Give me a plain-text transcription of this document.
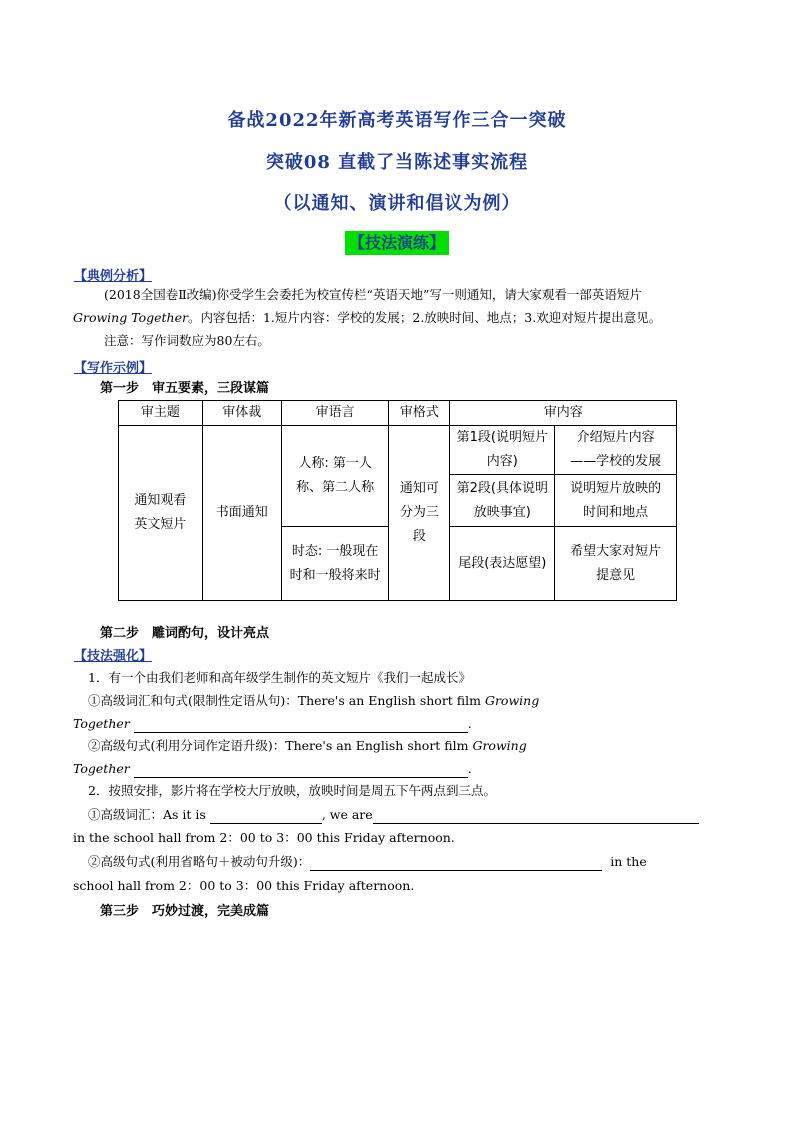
备战2022年新高考英语写作三合一突破
突破08 直截了当陈述事实流程
（以通知、演讲和倡议为例）
【技法演练】
【典例分析】
(2018全国卷Ⅱ改编)你受学生会委托为校宣传栏“英语天地”写一则通知，请大家观看一部英语短片
Growing Together。内容包括：1.短片内容：学校的发展；2.放映时间、地点；3.欢迎对短片提出意见。
注意：写作词数应为80左右。
【写作示例】
第一步　审五要素，三段谋篇
审主题	审体裁	审语言	审格式	审内容	
通知观看英文短片	书面通知	人称: 第一人称、第二人称	通知可分为三段	第1段(说明短片内容)	介绍短片内容——学校的发展
				第2段(具体说明放映事宜)	说明短片放映的时间和地点
		时态: 一般现在时和一般将来时		尾段(表达愿望)	希望大家对短片提意见
第二步　雕词酌句，设计亮点
【技法强化】
1．有一个由我们老师和高年级学生制作的英文短片《我们一起成长》
①高级词汇和句式(限制性定语从句)：There's an English short film Growing
Together	.
②高级句式(利用分词作定语升级)：There's an English short film Growing
Together	.
2．按照安排，影片将在学校大厅放映，放映时间是周五下午两点到三点。
①高级词汇：As it is	, we are
in the school hall from 2：00 to 3：00 this Friday afternoon.
②高级句式(利用省略句＋被动句升级)：	in the
school hall from 2：00 to 3：00 this Friday afternoon.
第三步　巧妙过渡，完美成篇
